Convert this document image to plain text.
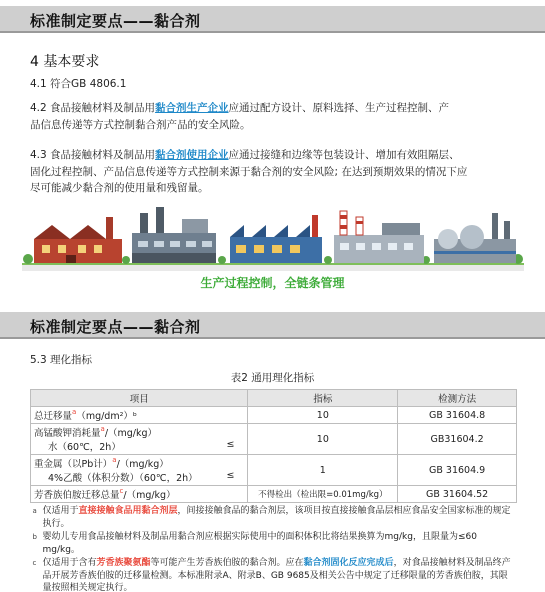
标准制定要点——黏合剂
4 基本要求
4.1 符合GB 4806.1
4.2 食品接触材料及制品用黏合剂生产企业应通过配方设计、原料选择、生产过程控制、产
品信息传递等方式控制黏合剂产品的安全风险。
4.3 食品接触材料及制品用黏合剂使用企业应通过接缝和边缘等包装设计、增加有效阻隔层、
固化过程控制、产品信息传递等方式控制来源于黏合剂的安全风险; 在达到预期效果的情况下应
尽可能减少黏合剂的使用量和残留量。
生产过程控制，全链条管理
标准制定要点——黏合剂
5.3 理化指标
表2 通用理化指标
项目	指标	检测方法
总迁移量$^a$（mg/dm²）ᵇ	10	GB 31604.8
高锰酸钾消耗量$^a$/（mg/kg）
水（60℃，2h） ≤	10	GB31604.2
重金属（以Pb计）$^a$/（mg/kg）
4%乙酸（体积分数）（60℃，2h） ≤	1	GB 31604.9
芳香族伯胺迁移总量$^c$/（mg/kg）	不得检出（检出限=0.01mg/kg）	GB 31604.52

a 仅适用于直接接触食品用黏合剂层，间接接触食品的黏合剂层，该项目按直接接触食品层相应食品安全国家标准的规定执行。
b 婴幼儿专用食品接触材料及制品用黏合剂应根据实际使用中的面积体积比将结果换算为mg/kg，且限量为≤60 mg/kg。
c 仅适用于含有芳香族聚氨酯等可能产生芳香族伯胺的黏合剂。应在黏合剂固化反应完成后，对食品接触材料及制品终产品开展芳香族伯胺的迁移量检测。本标准附录A、附录B、GB 9685及相关公告中规定了迁移限量的芳香族伯胺，其限量按照相关规定执行。		
